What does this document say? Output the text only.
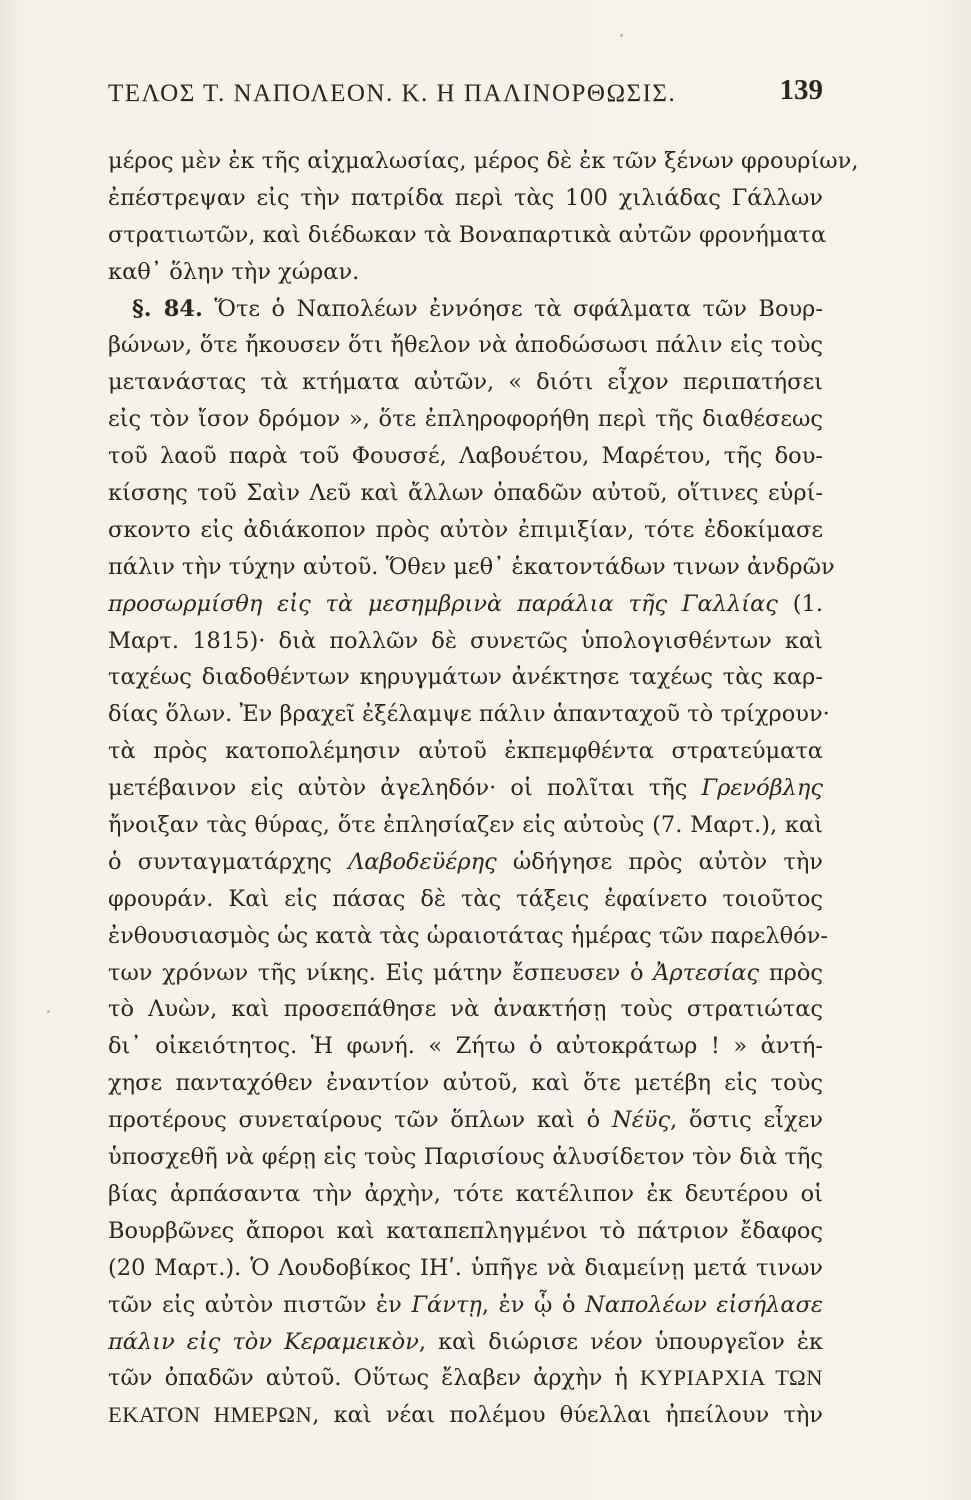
ΤΕΛΟΣ Τ. ΝΑΠΟΛΕΟΝ. Κ. Η ΠΑΛΙΝΟΡΘΩΣΙΣ.	139
μέρος μὲν ἐκ τῆς αἰχμαλωσίας, μέρος δὲ ἐκ τῶν ξένων φρουρίων,
ἐπέστρεψαν εἰς τὴν πατρίδα περὶ τὰς 100 χιλιάδας Γάλλων
στρατιωτῶν, καὶ διέδωκαν τὰ Βοναπαρτικὰ αὐτῶν φρονήματα
καθ᾽ ὅλην τὴν χώραν.
§. 84. Ὅτε ὁ Ναπολέων ἐννόησε τὰ σφάλματα τῶν Βουρ-
βώνων, ὅτε ἤκουσεν ὅτι ἤθελον νὰ ἀποδώσωσι πάλιν εἰς τοὺς
μετανάστας τὰ κτήματα αὐτῶν, « διότι εἶχον περιπατήσει
εἰς τὸν ἴσον δρόμον », ὅτε ἐπληροφορήθη περὶ τῆς διαθέσεως
τοῦ λαοῦ παρὰ τοῦ Φουσσέ, Λαβουέτου, Μαρέτου, τῆς δου-
κίσσης τοῦ Σαὶν Λεῦ καὶ ἄλλων ὀπαδῶν αὐτοῦ, οἵτινες εὑρί-
σκοντο εἰς ἀδιάκοπον πρὸς αὐτὸν ἐπιμιξίαν, τότε ἐδοκίμασε
πάλιν τὴν τύχην αὐτοῦ. Ὅθεν μεθ᾽ ἑκατοντάδων τινων ἀνδρῶν
προσωρμίσθη εἰς τὰ μεσημβρινὰ παράλια τῆς Γαλλίας (1.
Μαρτ. 1815)· διὰ πολλῶν δὲ συνετῶς ὑπολογισθέντων καὶ
ταχέως διαδοθέντων κηρυγμάτων ἀνέκτησε ταχέως τὰς καρ-
δίας ὅλων. Ἐν βραχεῖ ἐξέλαμψε πάλιν ἁπανταχοῦ τὸ τρίχρουν·
τὰ πρὸς κατοπολέμησιν αὐτοῦ ἐκπεμφθέντα στρατεύματα
μετέβαινον εἰς αὐτὸν ἀγεληδόν· οἱ πολῖται τῆς Γρενόβλης
ἤνοιξαν τὰς θύρας, ὅτε ἐπλησίαζεν εἰς αὐτοὺς (7. Μαρτ.), καὶ
ὁ συνταγματάρχης Λαβοδεϋέρης ὡδήγησε πρὸς αὐτὸν τὴν
φρουράν. Καὶ εἰς πάσας δὲ τὰς τάξεις ἐφαίνετο τοιοῦτος
ἐνθουσιασμὸς ὡς κατὰ τὰς ὡραιοτάτας ἡμέρας τῶν παρελθόν-
των χρόνων τῆς νίκης. Εἰς μάτην ἔσπευσεν ὁ Ἀρτεσίας πρὸς
τὸ Λυὼν, καὶ προσεπάθησε νὰ ἀνακτήσῃ τοὺς στρατιώτας
δι᾽ οἰκειότητος. Ἡ φωνή. « Ζήτω ὁ αὐτοκράτωρ ! » ἀντή-
χησε πανταχόθεν ἐναντίον αὐτοῦ, καὶ ὅτε μετέβη εἰς τοὺς
προτέρους συνεταίρους τῶν ὅπλων καὶ ὁ Νέϋς, ὅστις εἶχεν
ὑποσχεθῆ νὰ φέρῃ εἰς τοὺς Παρισίους ἁλυσίδετον τὸν διὰ τῆς
βίας ἁρπάσαντα τὴν ἀρχὴν, τότε κατέλιπον ἐκ δευτέρου οἱ
Βουρβῶνες ἄποροι καὶ καταπεπληγμένοι τὸ πάτριον ἔδαφος
(20 Μαρτ.). Ὁ Λουδοβίκος ΙΗʹ. ὑπῆγε νὰ διαμείνῃ μετά τινων
τῶν εἰς αὐτὸν πιστῶν ἐν Γάντῃ, ἐν ᾧ ὁ Ναπολέων εἰσήλασε
πάλιν εἰς τὸν Κεραμεικὸν, καὶ διώρισε νέον ὑπουργεῖον ἐκ
τῶν ὀπαδῶν αὐτοῦ. Οὕτως ἔλαβεν ἀρχὴν ἡ ΚΥΡΙΑΡΧΙΑ ΤΩΝ
ΕΚΑΤΟΝ ΗΜΕΡΩΝ, καὶ νέαι πολέμου θύελλαι ἠπείλουν τὴν
